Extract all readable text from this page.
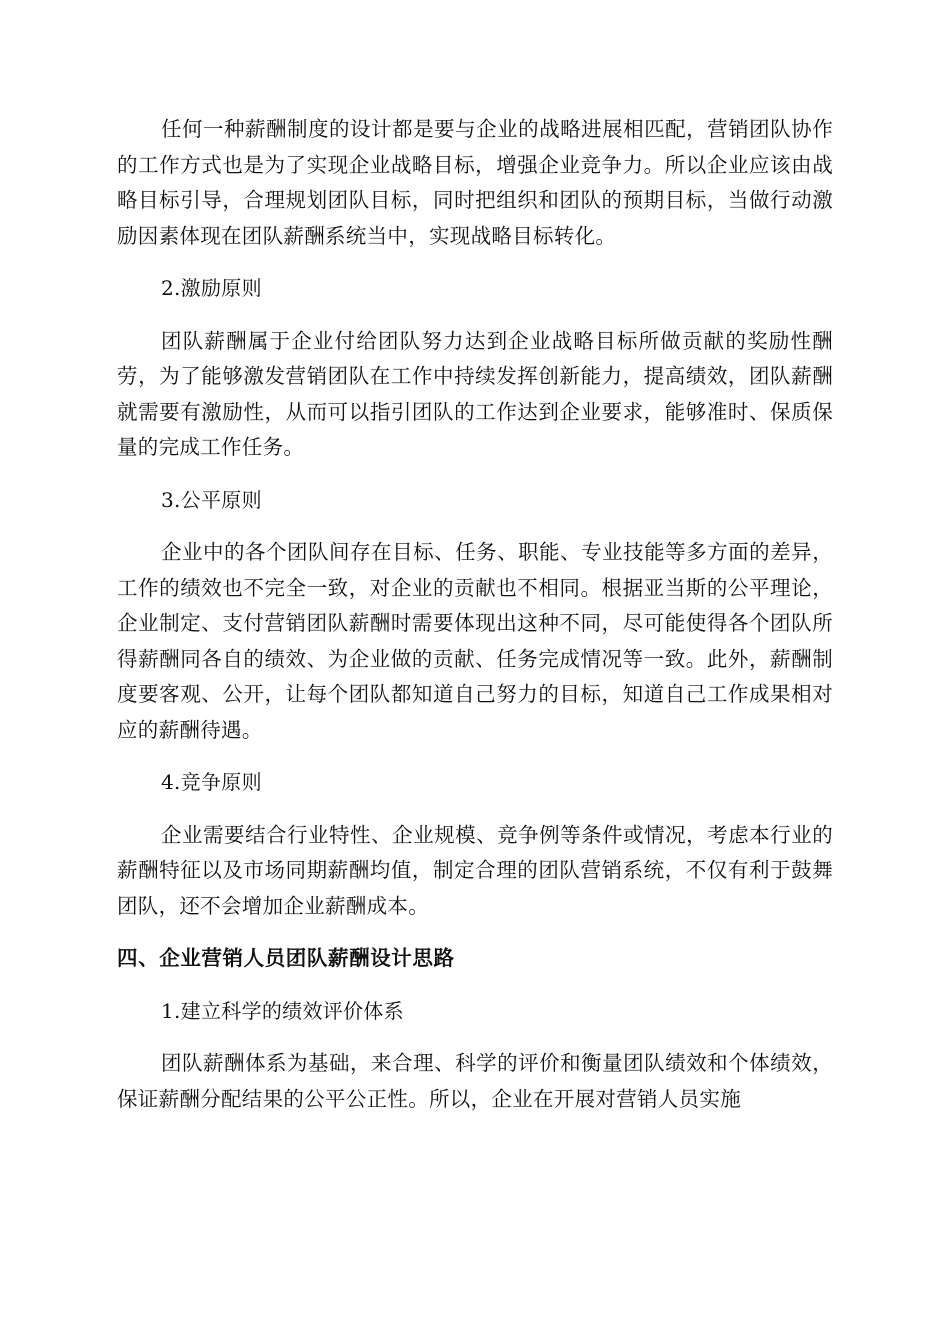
任何一种薪酬制度的设计都是要与企业的战略进展相匹配，营销团队协作的工作方式也是为了实现企业战略目标，增强企业竞争力。所以企业应该由战略目标引导，合理规划团队目标，同时把组织和团队的预期目标，当做行动激励因素体现在团队薪酬系统当中，实现战略目标转化。

2.激励原则

团队薪酬属于企业付给团队努力达到企业战略目标所做贡献的奖励性酬劳，为了能够激发营销团队在工作中持续发挥创新能力，提高绩效，团队薪酬就需要有激励性，从而可以指引团队的工作达到企业要求，能够准时、保质保量的完成工作任务。

3.公平原则

企业中的各个团队间存在目标、任务、职能、专业技能等多方面的差异，工作的绩效也不完全一致，对企业的贡献也不相同。根据亚当斯的公平理论，企业制定、支付营销团队薪酬时需要体现出这种不同，尽可能使得各个团队所得薪酬同各自的绩效、为企业做的贡献、任务完成情况等一致。此外，薪酬制度要客观、公开，让每个团队都知道自己努力的目标，知道自己工作成果相对应的薪酬待遇。

4.竞争原则

企业需要结合行业特性、企业规模、竞争例等条件或情况，考虑本行业的薪酬特征以及市场同期薪酬均值，制定合理的团队营销系统，不仅有利于鼓舞团队，还不会增加企业薪酬成本。

四、企业营销人员团队薪酬设计思路

1.建立科学的绩效评价体系

团队薪酬体系为基础，来合理、科学的评价和衡量团队绩效和个体绩效，保证薪酬分配结果的公平公正性。所以，企业在开展对营销人员实施
